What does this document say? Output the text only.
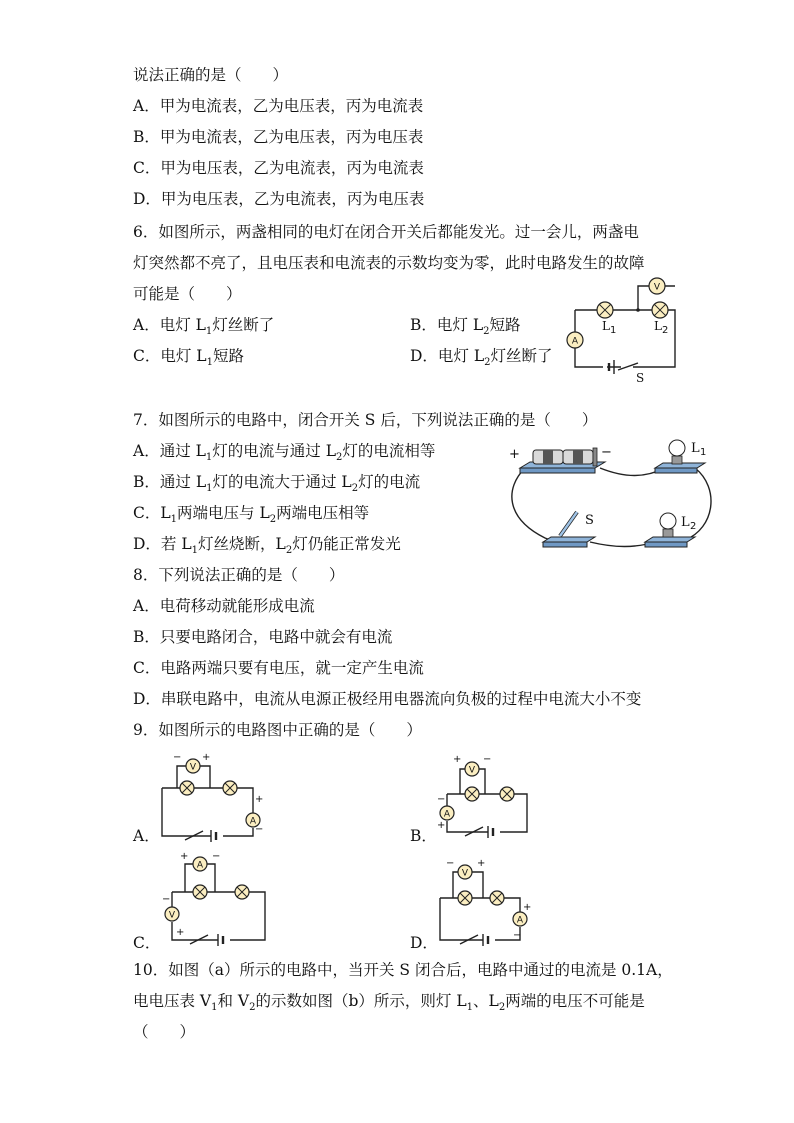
说法正确的是（　　）
A．甲为电流表，乙为电压表，丙为电流表
B．甲为电流表，乙为电压表，丙为电压表
C．甲为电压表，乙为电流表，丙为电流表
D．甲为电压表，乙为电流表，丙为电压表
6．如图所示，两盏相同的电灯在闭合开关后都能发光。过一会儿，两盏电
灯突然都不亮了，且电压表和电流表的示数均变为零，此时电路发生的故障
可能是（　　）
A．电灯 $L_1$灯丝断了	B．电灯 $L_2$短路
C．电灯 $L_1$短路	D．电灯 $L_2$灯丝断了
V
A
L 1	L 2
S
7．如图所示的电路中，闭合开关 S 后，下列说法正确的是（　　）
A．通过 $L_1$灯的电流与通过 $L_2$灯的电流相等
B．通过 $L_1$灯的电流大于通过 $L_2$灯的电流
C．$L_1$两端电压与 $L_2$两端电压相等
D．若 $L_1$灯丝烧断，$L_2$灯仍能正常发光
+	−	L 1
L 2
S
8．下列说法正确的是（　　）
A．电荷移动就能形成电流
B．只要电路闭合，电路中就会有电流
C．电路两端只要有电压，就一定产生电流
D．串联电路中，电流从电源正极经用电器流向负极的过程中电流大小不变
9．如图所示的电路图中正确的是（　　）
A．
V
A
− +
+
−	B．
V
A
+ −
−
+
C．
A
V
+ −
−
+
D．
V
A
− +
+
−
10．如图（a）所示的电路中，当开关 S 闭合后，电路中通过的电流是 0.1A，
电电压表 $V_1$和 $V_2$的示数如图（b）所示，则灯 $L_1$、$L_2$两端的电压不可能是
（　　）
